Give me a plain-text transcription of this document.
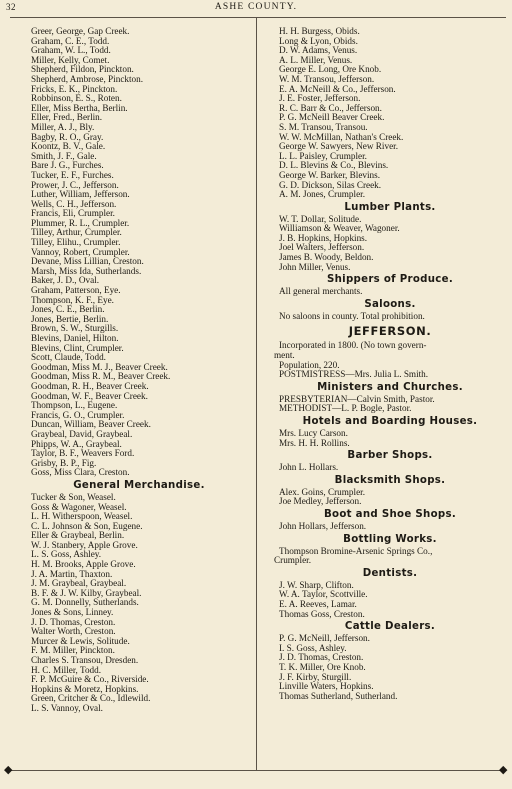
32	ASHE COUNTY.
Greer, George, Gap Creek.
Graham, C. E., Todd.
Graham, W. L., Todd.
Miller, Kelly, Comet.
Shepherd, Fildon, Pinckton.
Shepherd, Ambrose, Pinckton.
Fricks, E. K., Pinckton.
Robbinson, E. S., Roten.
Eller, Miss Bertha, Berlin.
Eller, Fred., Berlin.
Miller, A. J., Bly.
Bagby, R. O., Gray.
Koontz, B. V., Gale.
Smith, J. F., Gale.
Bare J. G., Furches.
Tucker, E. F., Furches.
Prower, J. C., Jefferson.
Luther, William, Jefferson.
Wells, C. H., Jefferson.
Francis, Eli, Crumpler.
Plummer, R. L., Crumpler.
Tilley, Arthur, Crumpler.
Tilley, Elihu., Crumpler.
Vannoy, Robert, Crumpler.
Devane, Miss Lillian, Creston.
Marsh, Miss Ida, Sutherlands.
Baker, J. D., Oval.
Graham, Patterson, Eye.
Thompson, K. F., Eye.
Jones, C. E., Berlin.
Jones, Bertie, Berlin.
Brown, S. W., Sturgills.
Blevins, Daniel, Hilton.
Blevins, Clint, Crumpler.
Scott, Claude, Todd.
Goodman, Miss M. J., Beaver Creek.
Goodman, Miss R. M., Beaver Creek.
Goodman, R. H., Beaver Creek.
Goodman, W. F., Beaver Creek.
Thompson, L., Eugene.
Francis, G. O., Crumpler.
Duncan, William, Beaver Creek.
Graybeal, David, Graybeal.
Phipps, W. A., Graybeal.
Taylor, B. F., Weavers Ford.
Grisby, B. P., Fig.
Goss, Miss Clara, Creston.
General Merchandise.
Tucker & Son, Weasel.
Goss & Wagoner, Weasel.
L. H. Witherspoon, Weasel.
C. L. Johnson & Son, Eugene.
Eller & Graybeal, Berlin.
W. J. Stanbery, Apple Grove.
L. S. Goss, Ashley.
H. M. Brooks, Apple Grove.
J. A. Martin, Thaxton.
J. M. Graybeal, Graybeal.
B. F. & J. W. Kilby, Graybeal.
G. M. Donnelly, Sutherlands.
Jones & Sons, Linney.
J. D. Thomas, Creston.
Walter Worth, Creston.
Murcer & Lewis, Solitude.
F. M. Miller, Pinckton.
Charles S. Transou, Dresden.
H. C. Miller, Todd.
F. P. McGuire & Co., Riverside.
Hopkins & Moretz, Hopkins.
Green, Critcher & Co., Idlewild.
L. S. Vannoy, Oval.
H. H. Burgess, Obids.
Long & Lyon, Obids.
D. W. Adams, Venus.
A. L. Miller, Venus.
George E. Long, Ore Knob.
W. M. Transou, Jefferson.
E. A. McNeill & Co., Jefferson.
J. E. Foster, Jefferson.
R. C. Barr & Co., Jefferson.
P. G. McNeill Beaver Creek.
S. M. Transou, Transou.
W. W. McMillan, Nathan's Creek.
George W. Sawyers, New River.
L. L. Paisley, Crumpler.
D. L. Blevins & Co., Blevins.
George W. Barker, Blevins.
G. D. Dickson, Silas Creek.
A. M. Jones, Crumpler.
Lumber Plants.
W. T. Dollar, Solitude.
Williamson & Weaver, Wagoner.
J. B. Hopkins, Hopkins.
Joel Walters, Jefferson.
James B. Woody, Beldon.
John Miller, Venus.
Shippers of Produce.
All general merchants.
Saloons.
No saloons in county. Total prohibition.
JEFFERSON.
Incorporated in 1800. (No town govern-
ment.
Population, 220.
POSTMISTRESS—Mrs. Julia L. Smith.
Ministers and Churches.
PRESBYTERIAN—Calvin Smith, Pastor.
METHODIST—L. P. Bogle, Pastor.
Hotels and Boarding Houses.
Mrs. Lucy Carson.
Mrs. H. H. Rollins.
Barber Shops.
John L. Hollars.
Blacksmith Shops.
Alex. Goins, Crumpler.
Joe Medley, Jefferson.
Boot and Shoe Shops.
John Hollars, Jefferson.
Bottling Works.
Thompson Bromine-Arsenic Springs Co.,
Crumpler.
Dentists.
J. W. Sharp, Clifton.
W. A. Taylor, Scottville.
E. A. Reeves, Lamar.
Thomas Goss, Creston.
Cattle Dealers.
P. G. McNeill, Jefferson.
I. S. Goss, Ashley.
J. D. Thomas, Creston.
T. K. Miller, Ore Knob.
J. F. Kirby, Sturgill.
Linville Waters, Hopkins.
Thomas Sutherland, Sutherland.
◆	◆
